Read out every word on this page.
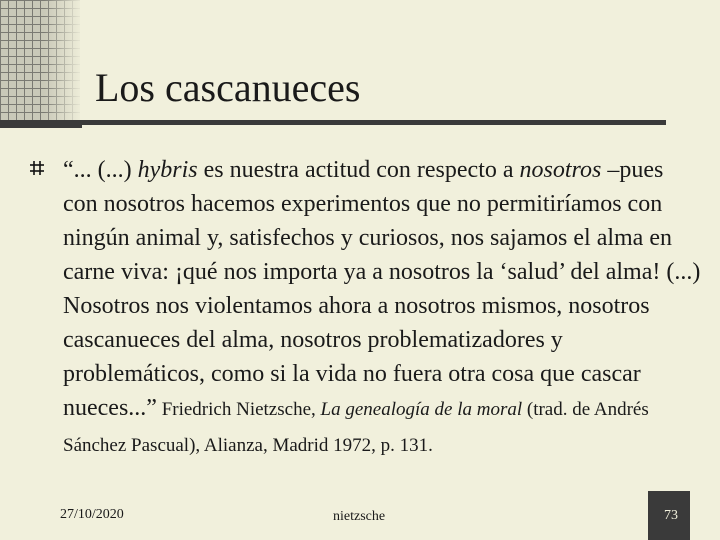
Los cascanueces

“... (...) hybris es nuestra actitud con respecto a nosotros –pues con nosotros hacemos experimentos que no permitiríamos con ningún animal y, satisfechos y curiosos, nos sajamos el alma en carne viva: ¡qué nos importa ya a nosotros la ‘salud’ del alma! (...) Nosotros nos violentamos ahora a nosotros mismos, nosotros cascanueces del alma, nosotros problematizadores y problemáticos, como si la vida no fuera otra cosa que cascar nueces...” Friedrich Nietzsche, La genealogía de la moral (trad. de Andrés Sánchez Pascual), Alianza, Madrid 1972, p. 131.

27/10/2020	nietzsche	73
